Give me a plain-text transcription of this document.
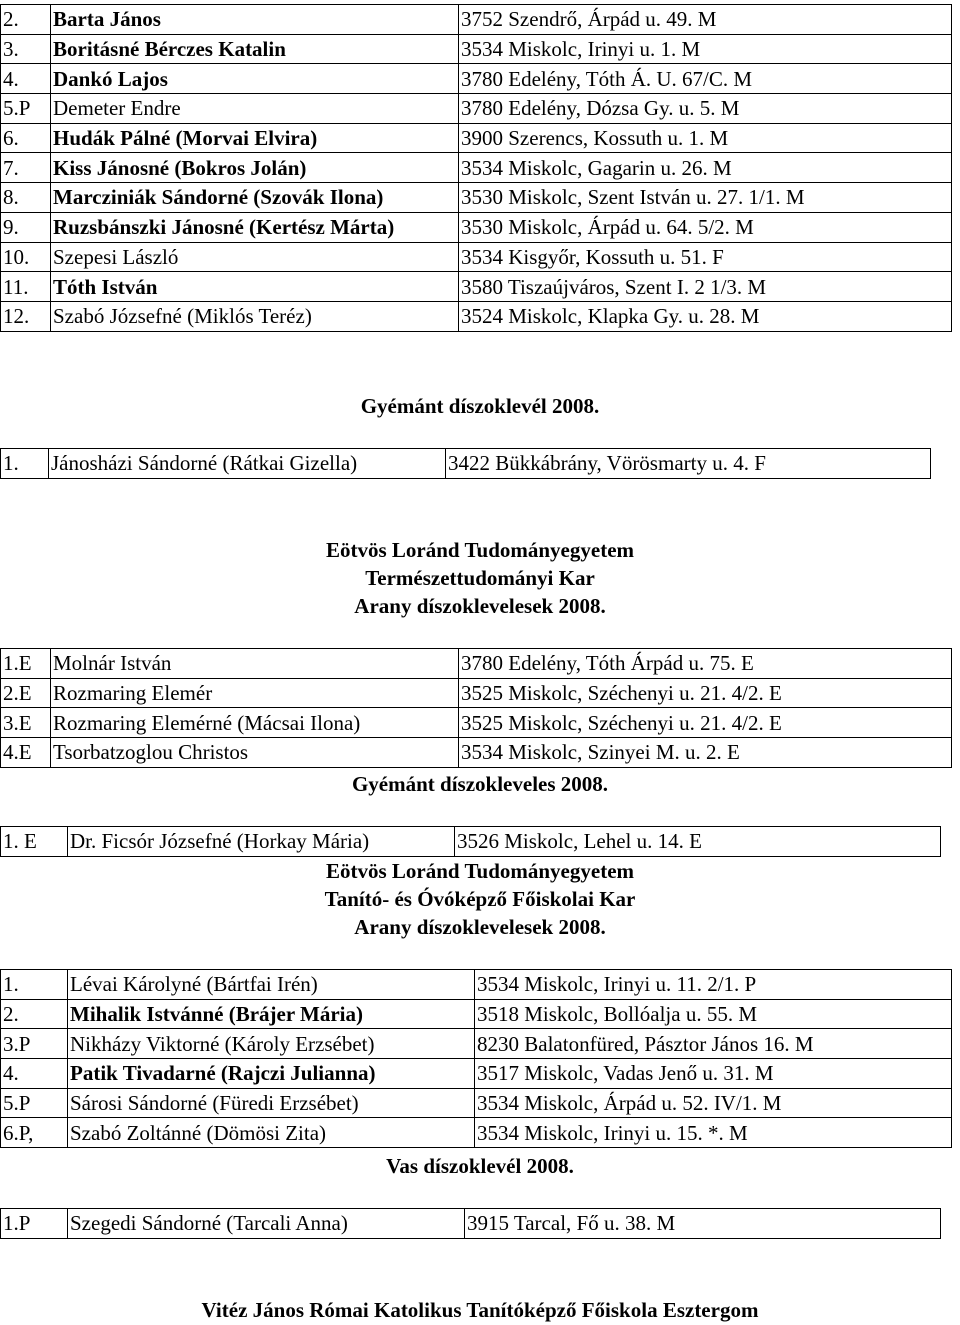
2.	Barta János	3752 Szendrő, Árpád u. 49. M
3.	Boritásné Bérczes Katalin	3534 Miskolc, Irinyi u. 1. M
4.	Dankó Lajos	3780 Edelény, Tóth Á. U. 67/C. M
5.P	Demeter Endre	3780 Edelény, Dózsa Gy. u. 5. M
6.	Hudák Pálné (Morvai Elvira)	3900 Szerencs, Kossuth u. 1. M
7.	Kiss Jánosné (Bokros Jolán)	3534 Miskolc, Gagarin u. 26. M
8.	Marcziniák Sándorné (Szovák Ilona)	3530 Miskolc, Szent István u. 27. 1/1. M
9.	Ruzsbánszki Jánosné (Kertész Márta)	3530 Miskolc, Árpád u. 64. 5/2. M
10.	Szepesi László	3534 Kisgyőr, Kossuth u. 51. F
11.	Tóth István	3580 Tiszaújváros, Szent I. 2 1/3. M
12.	Szabó Józsefné (Miklós Teréz)	3524 Miskolc, Klapka Gy. u. 28. M
Gyémánt díszoklevél 2008.
1.	Jánosházi Sándorné (Rátkai Gizella)	3422 Bükkábrány, Vörösmarty u. 4. F
Eötvös Loránd Tudományegyetem
Természettudományi Kar
Arany díszoklevelesek 2008.
1.E	Molnár István	3780 Edelény, Tóth Árpád u. 75. E
2.E	Rozmaring Elemér	3525 Miskolc, Széchenyi u. 21. 4/2. E
3.E	Rozmaring Elemérné (Mácsai Ilona)	3525 Miskolc, Széchenyi u. 21. 4/2. E
4.E	Tsorbatzoglou Christos	3534 Miskolc, Szinyei M. u. 2. E
Gyémánt díszokleveles 2008.
1. E	Dr. Ficsór Józsefné (Horkay Mária)	3526 Miskolc, Lehel u. 14. E
Eötvös Loránd Tudományegyetem
Tanító- és Óvóképző Főiskolai Kar
Arany díszoklevelesek 2008.
1.	Lévai Károlyné (Bártfai Irén)	3534 Miskolc, Irinyi u. 11. 2/1. P
2.	Mihalik Istvánné (Brájer Mária)	3518 Miskolc, Bollóalja u. 55. M
3.P	Nikházy Viktorné (Károly Erzsébet)	8230 Balatonfüred, Pásztor János 16. M
4.	Patik Tivadarné (Rajczi Julianna)	3517 Miskolc, Vadas Jenő u. 31. M
5.P	Sárosi Sándorné (Füredi Erzsébet)	3534 Miskolc, Árpád u. 52. IV/1. M
6.P,	Szabó Zoltánné (Dömösi Zita)	3534 Miskolc, Irinyi u. 15. *. M
Vas díszoklevél 2008.
1.P	Szegedi Sándorné (Tarcali Anna)	3915 Tarcal, Fő u. 38. M
Vitéz János Római Katolikus Tanítóképző Főiskola Esztergom
